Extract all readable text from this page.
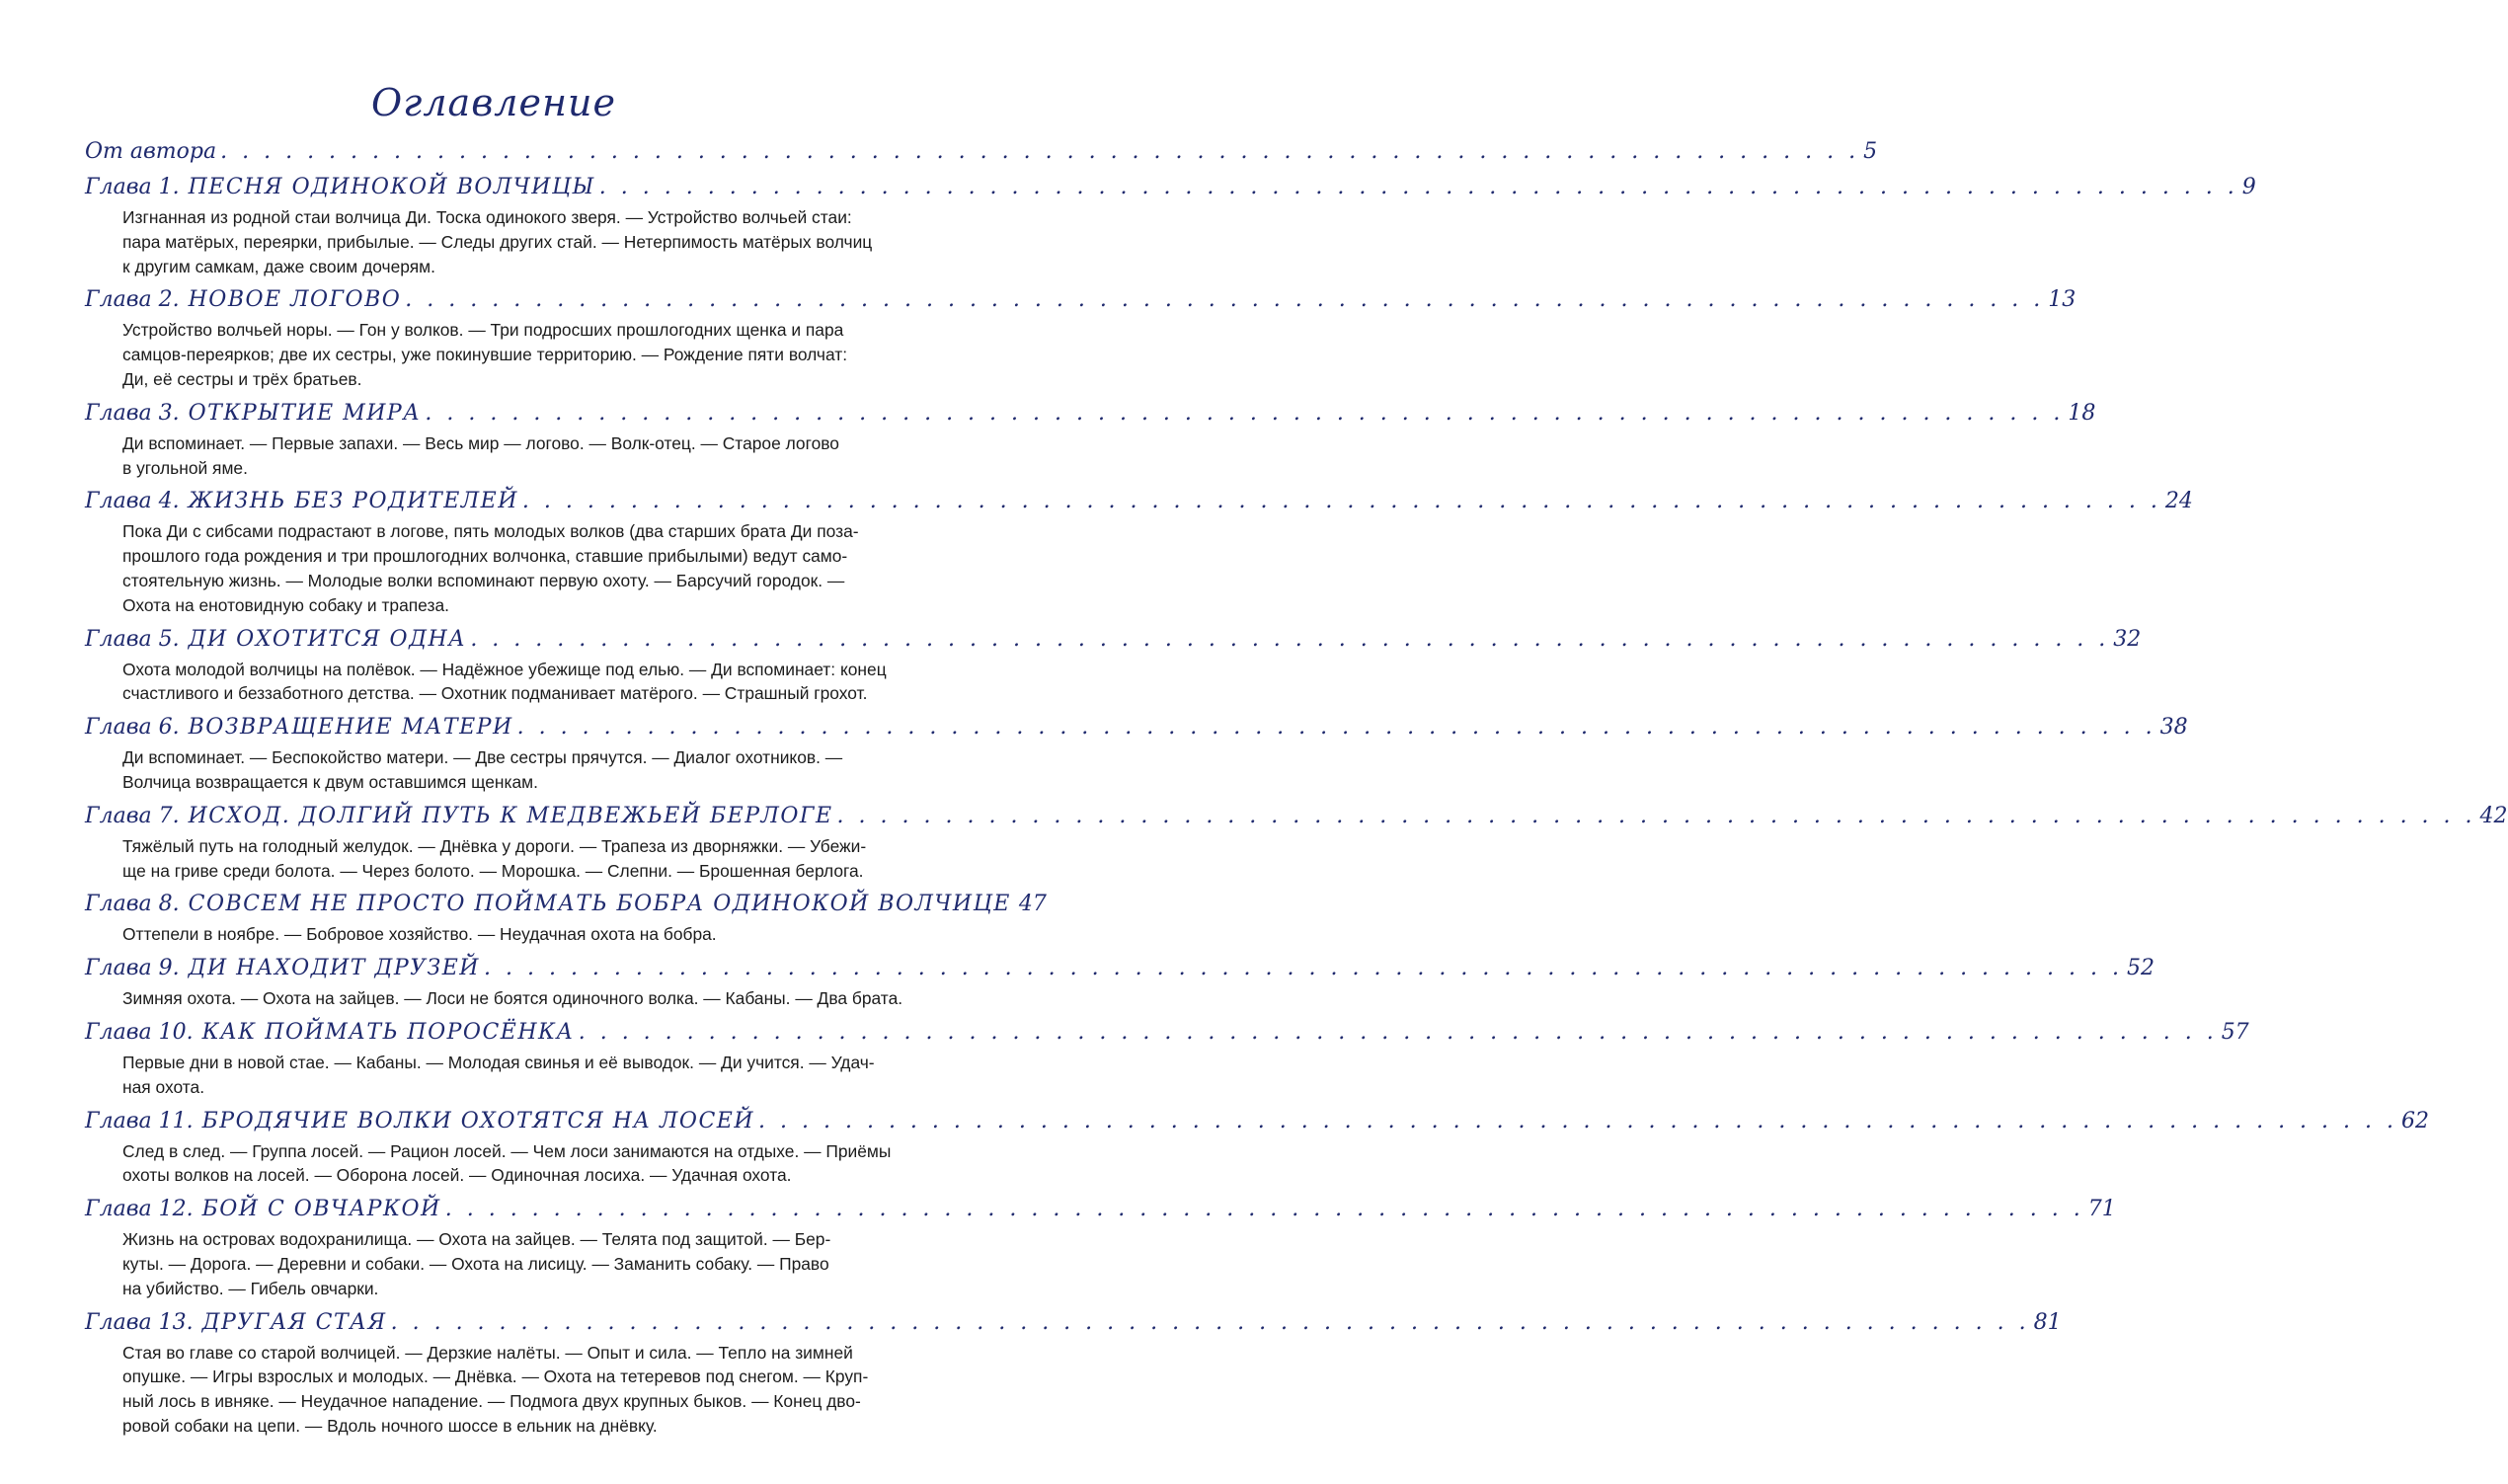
Оглавление
От автора . . . . . . . . . . . . . . . . . . . . . . . . . . . . . . . . . . . . . . . . . . . . . . . . . . . . . . . . . . . . . . . . . . . . . . . . . . . . 5
Глава 1. ПЕСНЯ ОДИНОКОЙ ВОЛЧИЦЫ . . . . . . . . . . . . . . . . . . . . . . . . . . . . . . . . . . . . . . . . . . . . . . . . . . . . . . . . . . . . . . . . . . . . . . . . . . . . 9
Изгнанная из родной стаи волчица Ди. Тоска одинокого зверя. — Устройство волчьей стаи:
пара матёрых, переярки, прибылые. — Следы других стай. — Нетерпимость матёрых волчиц
к другим самкам, даже своим дочерям.
Глава 2. НОВОЕ ЛОГОВО . . . . . . . . . . . . . . . . . . . . . . . . . . . . . . . . . . . . . . . . . . . . . . . . . . . . . . . . . . . . . . . . . . . . . . . . . . . . 13
Устройство волчьей норы. — Гон у волков. — Три подросших прошлогодних щенка и пара
самцов-переярков; две их сестры, уже покинувшие территорию. — Рождение пяти волчат:
Ди, её сестры и трёх братьев.
Глава 3. ОТКРЫТИЕ МИРА . . . . . . . . . . . . . . . . . . . . . . . . . . . . . . . . . . . . . . . . . . . . . . . . . . . . . . . . . . . . . . . . . . . . . . . . . . . . 18
Ди вспоминает. — Первые запахи. — Весь мир — логово. — Волк-отец. — Старое логово
в угольной яме.
Глава 4. ЖИЗНЬ БЕЗ РОДИТЕЛЕЙ . . . . . . . . . . . . . . . . . . . . . . . . . . . . . . . . . . . . . . . . . . . . . . . . . . . . . . . . . . . . . . . . . . . . . . . . . . . . 24
Пока Ди с сибсами подрастают в логове, пять молодых волков (два старших брата Ди поза-
прошлого года рождения и три прошлогодних волчонка, ставшие прибылыми) ведут само-
стоятельную жизнь. — Молодые волки вспоминают первую охоту. — Барсучий городок. —
Охота на енотовидную собаку и трапеза.
Глава 5. ДИ ОХОТИТСЯ ОДНА . . . . . . . . . . . . . . . . . . . . . . . . . . . . . . . . . . . . . . . . . . . . . . . . . . . . . . . . . . . . . . . . . . . . . . . . . . . . 32
Охота молодой волчицы на полёвок. — Надёжное убежище под елью. — Ди вспоминает: конец
счастливого и беззаботного детства. — Охотник подманивает матёрого. — Страшный грохот.
Глава 6. ВОЗВРАЩЕНИЕ МАТЕРИ . . . . . . . . . . . . . . . . . . . . . . . . . . . . . . . . . . . . . . . . . . . . . . . . . . . . . . . . . . . . . . . . . . . . . . . . . . . . 38
Ди вспоминает. — Беспокойство матери. — Две сестры прячутся. — Диалог охотников. —
Волчица возвращается к двум оставшимся щенкам.
Глава 7. ИСХОД. ДОЛГИЙ ПУТЬ К МЕДВЕЖЬЕЙ БЕРЛОГЕ . . . . . . . . . . . . . . . . . . . . . . . . . . . . . . . . . . . . . . . . . . . . . . . . . . . . . . . . . . . . . . . . . . . . . . . . . . . . 42
Тяжёлый путь на голодный желудок. — Днёвка у дороги. — Трапеза из дворняжки. — Убежи-
ще на гриве среди болота. — Через болото. — Морошка. — Слепни. — Брошенная берлога.
Глава 8. СОВСЕМ НЕ ПРОСТО ПОЙМАТЬ БОБРА ОДИНОКОЙ ВОЛЧИЦЕ 47
Оттепели в ноябре. — Бобровое хозяйство. — Неудачная охота на бобра.
Глава 9. ДИ НАХОДИТ ДРУЗЕЙ . . . . . . . . . . . . . . . . . . . . . . . . . . . . . . . . . . . . . . . . . . . . . . . . . . . . . . . . . . . . . . . . . . . . . . . . . . . . 52
Зимняя охота. — Охота на зайцев. — Лоси не боятся одиночного волка. — Кабаны. — Два брата.
Глава 10. КАК ПОЙМАТЬ ПОРОСЁНКА . . . . . . . . . . . . . . . . . . . . . . . . . . . . . . . . . . . . . . . . . . . . . . . . . . . . . . . . . . . . . . . . . . . . . . . . . . . . 57
Первые дни в новой стае. — Кабаны. — Молодая свинья и её выводок. — Ди учится. — Удач-
ная охота.
Глава 11. БРОДЯЧИЕ ВОЛКИ ОХОТЯТСЯ НА ЛОСЕЙ . . . . . . . . . . . . . . . . . . . . . . . . . . . . . . . . . . . . . . . . . . . . . . . . . . . . . . . . . . . . . . . . . . . . . . . . . . . . 62
След в след. — Группа лосей. — Рацион лосей. — Чем лоси занимаются на отдыхе. — Приёмы
охоты волков на лосей. — Оборона лосей. — Одиночная лосиха. — Удачная охота.
Глава 12. БОЙ С ОВЧАРКОЙ . . . . . . . . . . . . . . . . . . . . . . . . . . . . . . . . . . . . . . . . . . . . . . . . . . . . . . . . . . . . . . . . . . . . . . . . . . . . 71
Жизнь на островах водохранилища. — Охота на зайцев. — Телята под защитой. — Бер-
куты. — Дорога. — Деревни и собаки. — Охота на лисицу. — Заманить собаку. — Право
на убийство. — Гибель овчарки.
Глава 13. ДРУГАЯ СТАЯ . . . . . . . . . . . . . . . . . . . . . . . . . . . . . . . . . . . . . . . . . . . . . . . . . . . . . . . . . . . . . . . . . . . . . . . . . . . . 81
Стая во главе со старой волчицей. — Дерзкие налёты. — Опыт и сила. — Тепло на зимней
опушке. — Игры взрослых и молодых. — Днёвка. — Охота на тетеревов под снегом. — Круп-
ный лось в ивняке. — Неудачное нападение. — Подмога двух крупных быков. — Конец дво-
ровой собаки на цепи. — Вдоль ночного шоссе в ельник на днёвку.
